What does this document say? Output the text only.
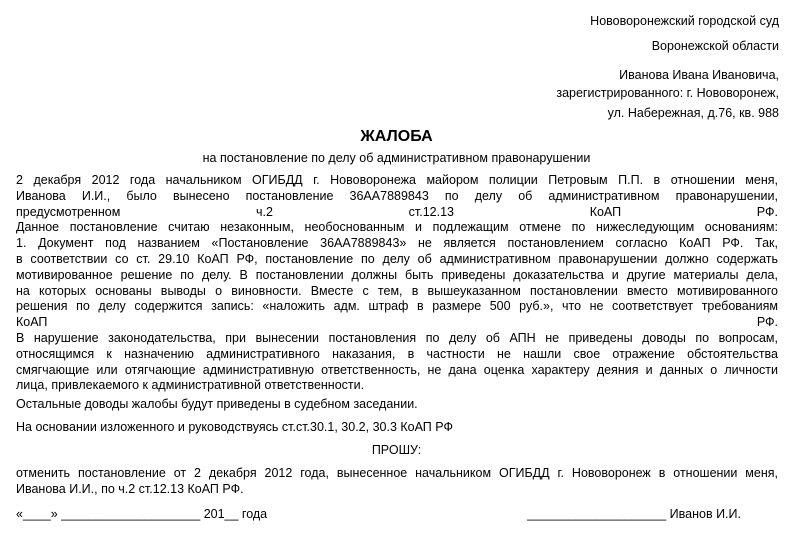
Нововоронежский городской суд
Воронежской области
Иванова Ивана Ивановича,
зарегистрированного: г. Нововоронеж,
ул. Набережная, д.76, кв. 988
ЖАЛОБА
на постановление по делу об административном правонарушении
2 декабря 2012 года начальником ОГИБДД г. Нововоронежа майором полиции Петровым П.П. в отношении меня,
Иванова И.И., было вынесено постановление 36АА7889843 по делу об административном правонарушении,
предусмотренном ч.2 ст.12.13 КоАП РФ.
Данное постановление считаю незаконным, необоснованным и подлежащим отмене по нижеследующим основаниям:
1. Документ под названием «Постановление 36АА7889843» не является постановлением согласно КоАП РФ. Так,
в соответствии со ст. 29.10 КоАП РФ, постановление по делу об административном правонарушении должно содержать
мотивированное решение по делу. В постановлении должны быть приведены доказательства и другие материалы дела,
на которых основаны выводы о виновности. Вместе с тем, в вышеуказанном постановлении вместо мотивированного
решения по делу содержится запись: «наложить адм. штраф в размере 500 руб.», что не соответствует требованиям
КоАП РФ.
В нарушение законодательства, при вынесении постановления по делу об АПН не приведены доводы по вопросам,
относящимся к назначению административного наказания, в частности не нашли свое отражение обстоятельства
смягчающие или отягчающие административную ответственность, не дана оценка характеру деяния и данных о личности
лица, привлекаемого к административной ответственности.
Остальные доводы жалобы будут приведены в судебном заседании.
На основании изложенного и руководствуясь ст.ст.30.1, 30.2, 30.3 КоАП РФ
ПРОШУ:
отменить постановление от 2 декабря 2012 года, вынесенное начальником ОГИБДД г. Нововоронеж в отношении меня,
Иванова И.И., по ч.2 ст.12.13 КоАП РФ.
«____» ____________________ 201__ года	____________________ Иванов И.И.
